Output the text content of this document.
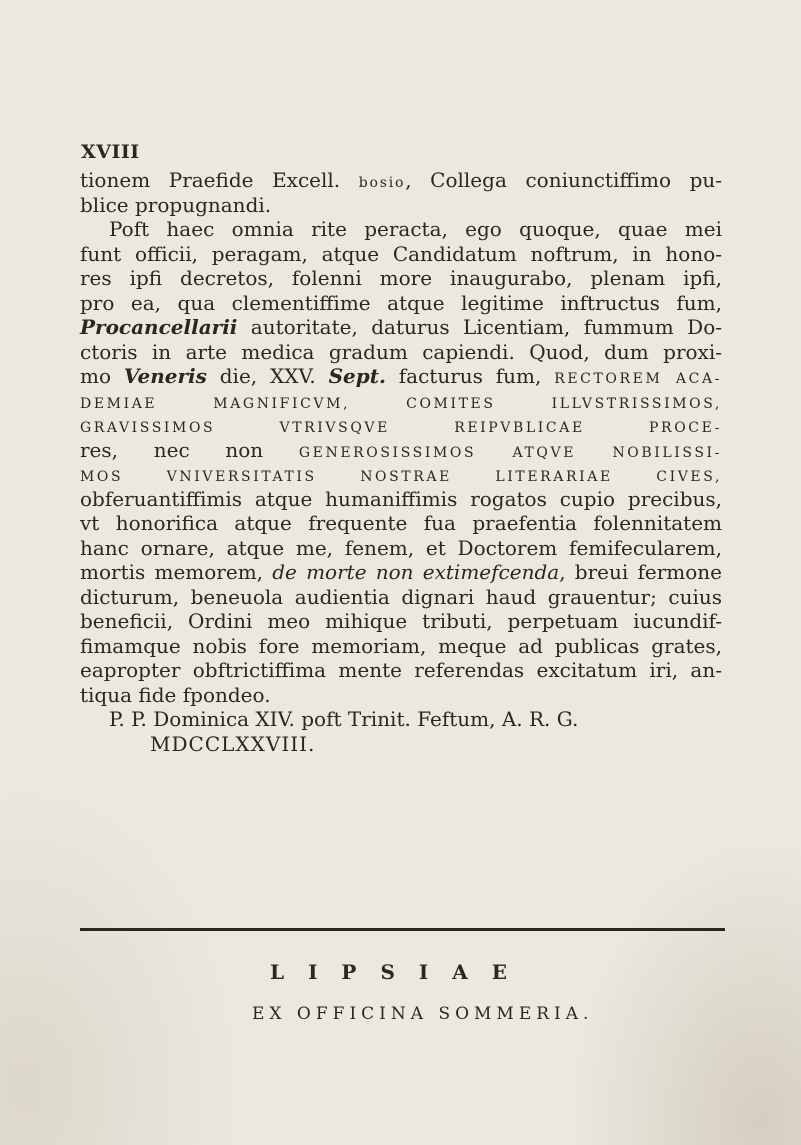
XVIII
tionem Praefide Excell. bosio, Collega coniunctiffimo pu-
blice propugnandi.
Poft haec omnia rite peracta, ego quoque, quae mei
funt officii, peragam, atque Candidatum noftrum, in hono-
res ipfi decretos, folenni more inaugurabo, plenam ipfi,
pro ea, qua clementiffime atque legitime inftructus fum,
Procancellarii autoritate, daturus Licentiam, fummum Do-
ctoris in arte medica gradum capiendi. Quod, dum proxi-
mo Veneris die, XXV. Sept. facturus fum, RECTOREM ACA-
DEMIAE MAGNIFICVM, COMITES ILLVSTRISSIMOS,
GRAVISSIMOS VTRIVSQVE REIPVBLICAE PROCE-
res, nec non	GENEROSISSIMOS ATQVE NOBILISSI-
MOS VNIVERSITATIS NOSTRAE LITERARIAE CIVES,
obferuantiffimis atque humaniffimis rogatos cupio precibus,
vt honorifica atque frequente fua praefentia folennitatem
hanc ornare, atque me, fenem, et Doctorem femifecularem,
mortis memorem, de morte non extimefcenda, breui fermone
dicturum, beneuola audientia dignari haud grauentur; cuius
beneficii, Ordini meo mihique tributi, perpetuam iucundif-
fimamque nobis fore memoriam, meque ad publicas grates,
eapropter obftrictiffima mente referendas excitatum iri, an-
tiqua fide fpondeo.
P. P. Dominica XIV. poft Trinit. Feftum, A. R. G.
MDCCLXXVIII.
LIPSIAE
EX OFFICINA SOMMERIA.
